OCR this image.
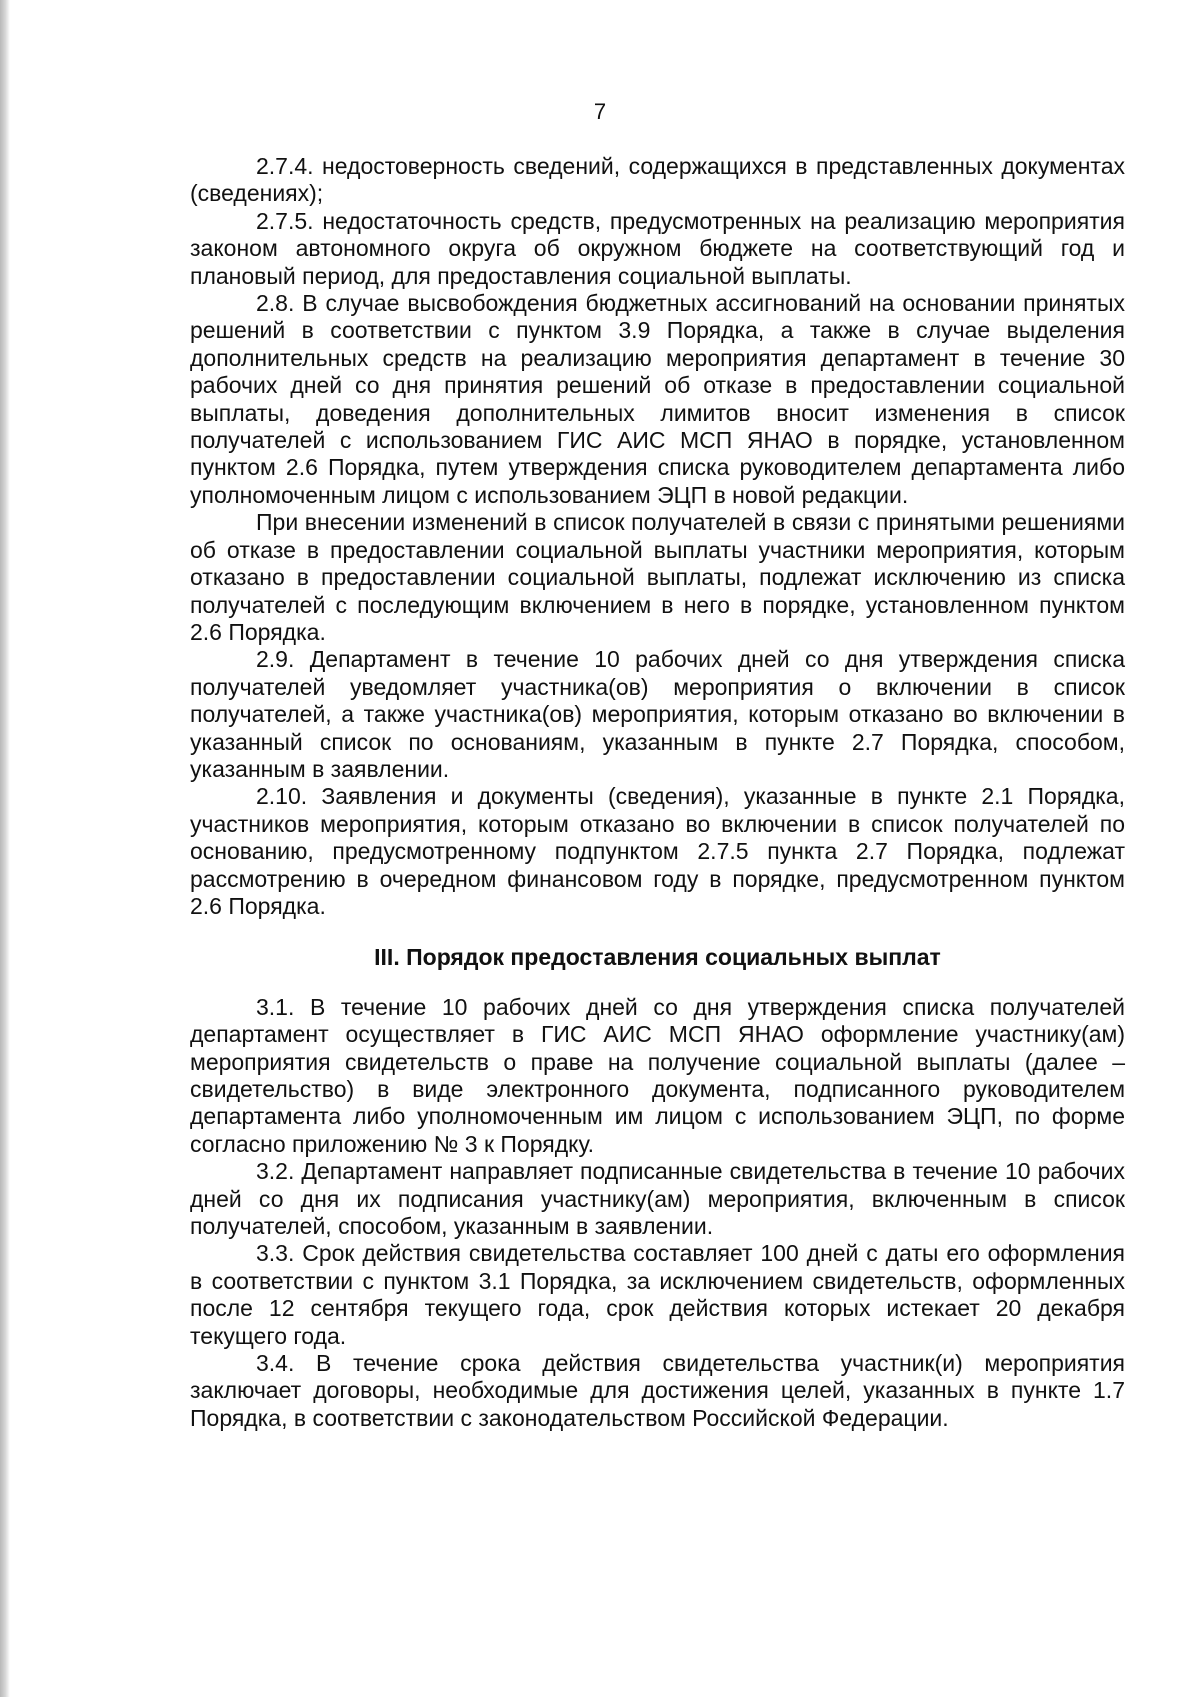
7

2.7.4. недостоверность сведений, содержащихся в представленных документах (сведениях);

2.7.5. недостаточность средств, предусмотренных на реализацию мероприятия законом автономного округа об окружном бюджете на соответствующий год и плановый период, для предоставления социальной выплаты.

2.8. В случае высвобождения бюджетных ассигнований на основании принятых решений в соответствии с пунктом 3.9 Порядка, а также в случае выделения дополнительных средств на реализацию мероприятия департамент в течение 30 рабочих дней со дня принятия решений об отказе в предоставлении социальной выплаты, доведения дополнительных лимитов вносит изменения в список получателей с использованием ГИС АИС МСП ЯНАО в порядке, установленном пунктом 2.6 Порядка, путем утверждения списка руководителем департамента либо уполномоченным лицом с использованием ЭЦП в новой редакции.

При внесении изменений в список получателей в связи с принятыми решениями об отказе в предоставлении социальной выплаты участники мероприятия, которым отказано в предоставлении социальной выплаты, подлежат исключению из списка получателей с последующим включением в него в порядке, установленном пунктом 2.6 Порядка.

2.9. Департамент в течение 10 рабочих дней со дня утверждения списка получателей уведомляет участника(ов) мероприятия о включении в список получателей, а также участника(ов) мероприятия, которым отказано во включении в указанный список по основаниям, указанным в пункте 2.7 Порядка, способом, указанным в заявлении.

2.10. Заявления и документы (сведения), указанные в пункте 2.1 Порядка, участников мероприятия, которым отказано во включении в список получателей по основанию, предусмотренному подпунктом 2.7.5 пункта 2.7 Порядка, подлежат рассмотрению в очередном финансовом году в порядке, предусмотренном пунктом 2.6 Порядка.

III. Порядок предоставления социальных выплат

3.1. В течение 10 рабочих дней со дня утверждения списка получателей департамент осуществляет в ГИС АИС МСП ЯНАО оформление участнику(ам) мероприятия свидетельств о праве на получение социальной выплаты (далее – свидетельство) в виде электронного документа, подписанного руководителем департамента либо уполномоченным им лицом с использованием ЭЦП, по форме согласно приложению № 3 к Порядку.

3.2. Департамент направляет подписанные свидетельства в течение 10 рабочих дней со дня их подписания участнику(ам) мероприятия, включенным в список получателей, способом, указанным в заявлении.

3.3. Срок действия свидетельства составляет 100 дней с даты его оформления в соответствии с пунктом 3.1 Порядка, за исключением свидетельств, оформленных после 12 сентября текущего года, срок действия которых истекает 20 декабря текущего года.

3.4. В течение срока действия свидетельства участник(и) мероприятия заключает договоры, необходимые для достижения целей, указанных в пункте 1.7 Порядка, в соответствии с законодательством Российской Федерации.
